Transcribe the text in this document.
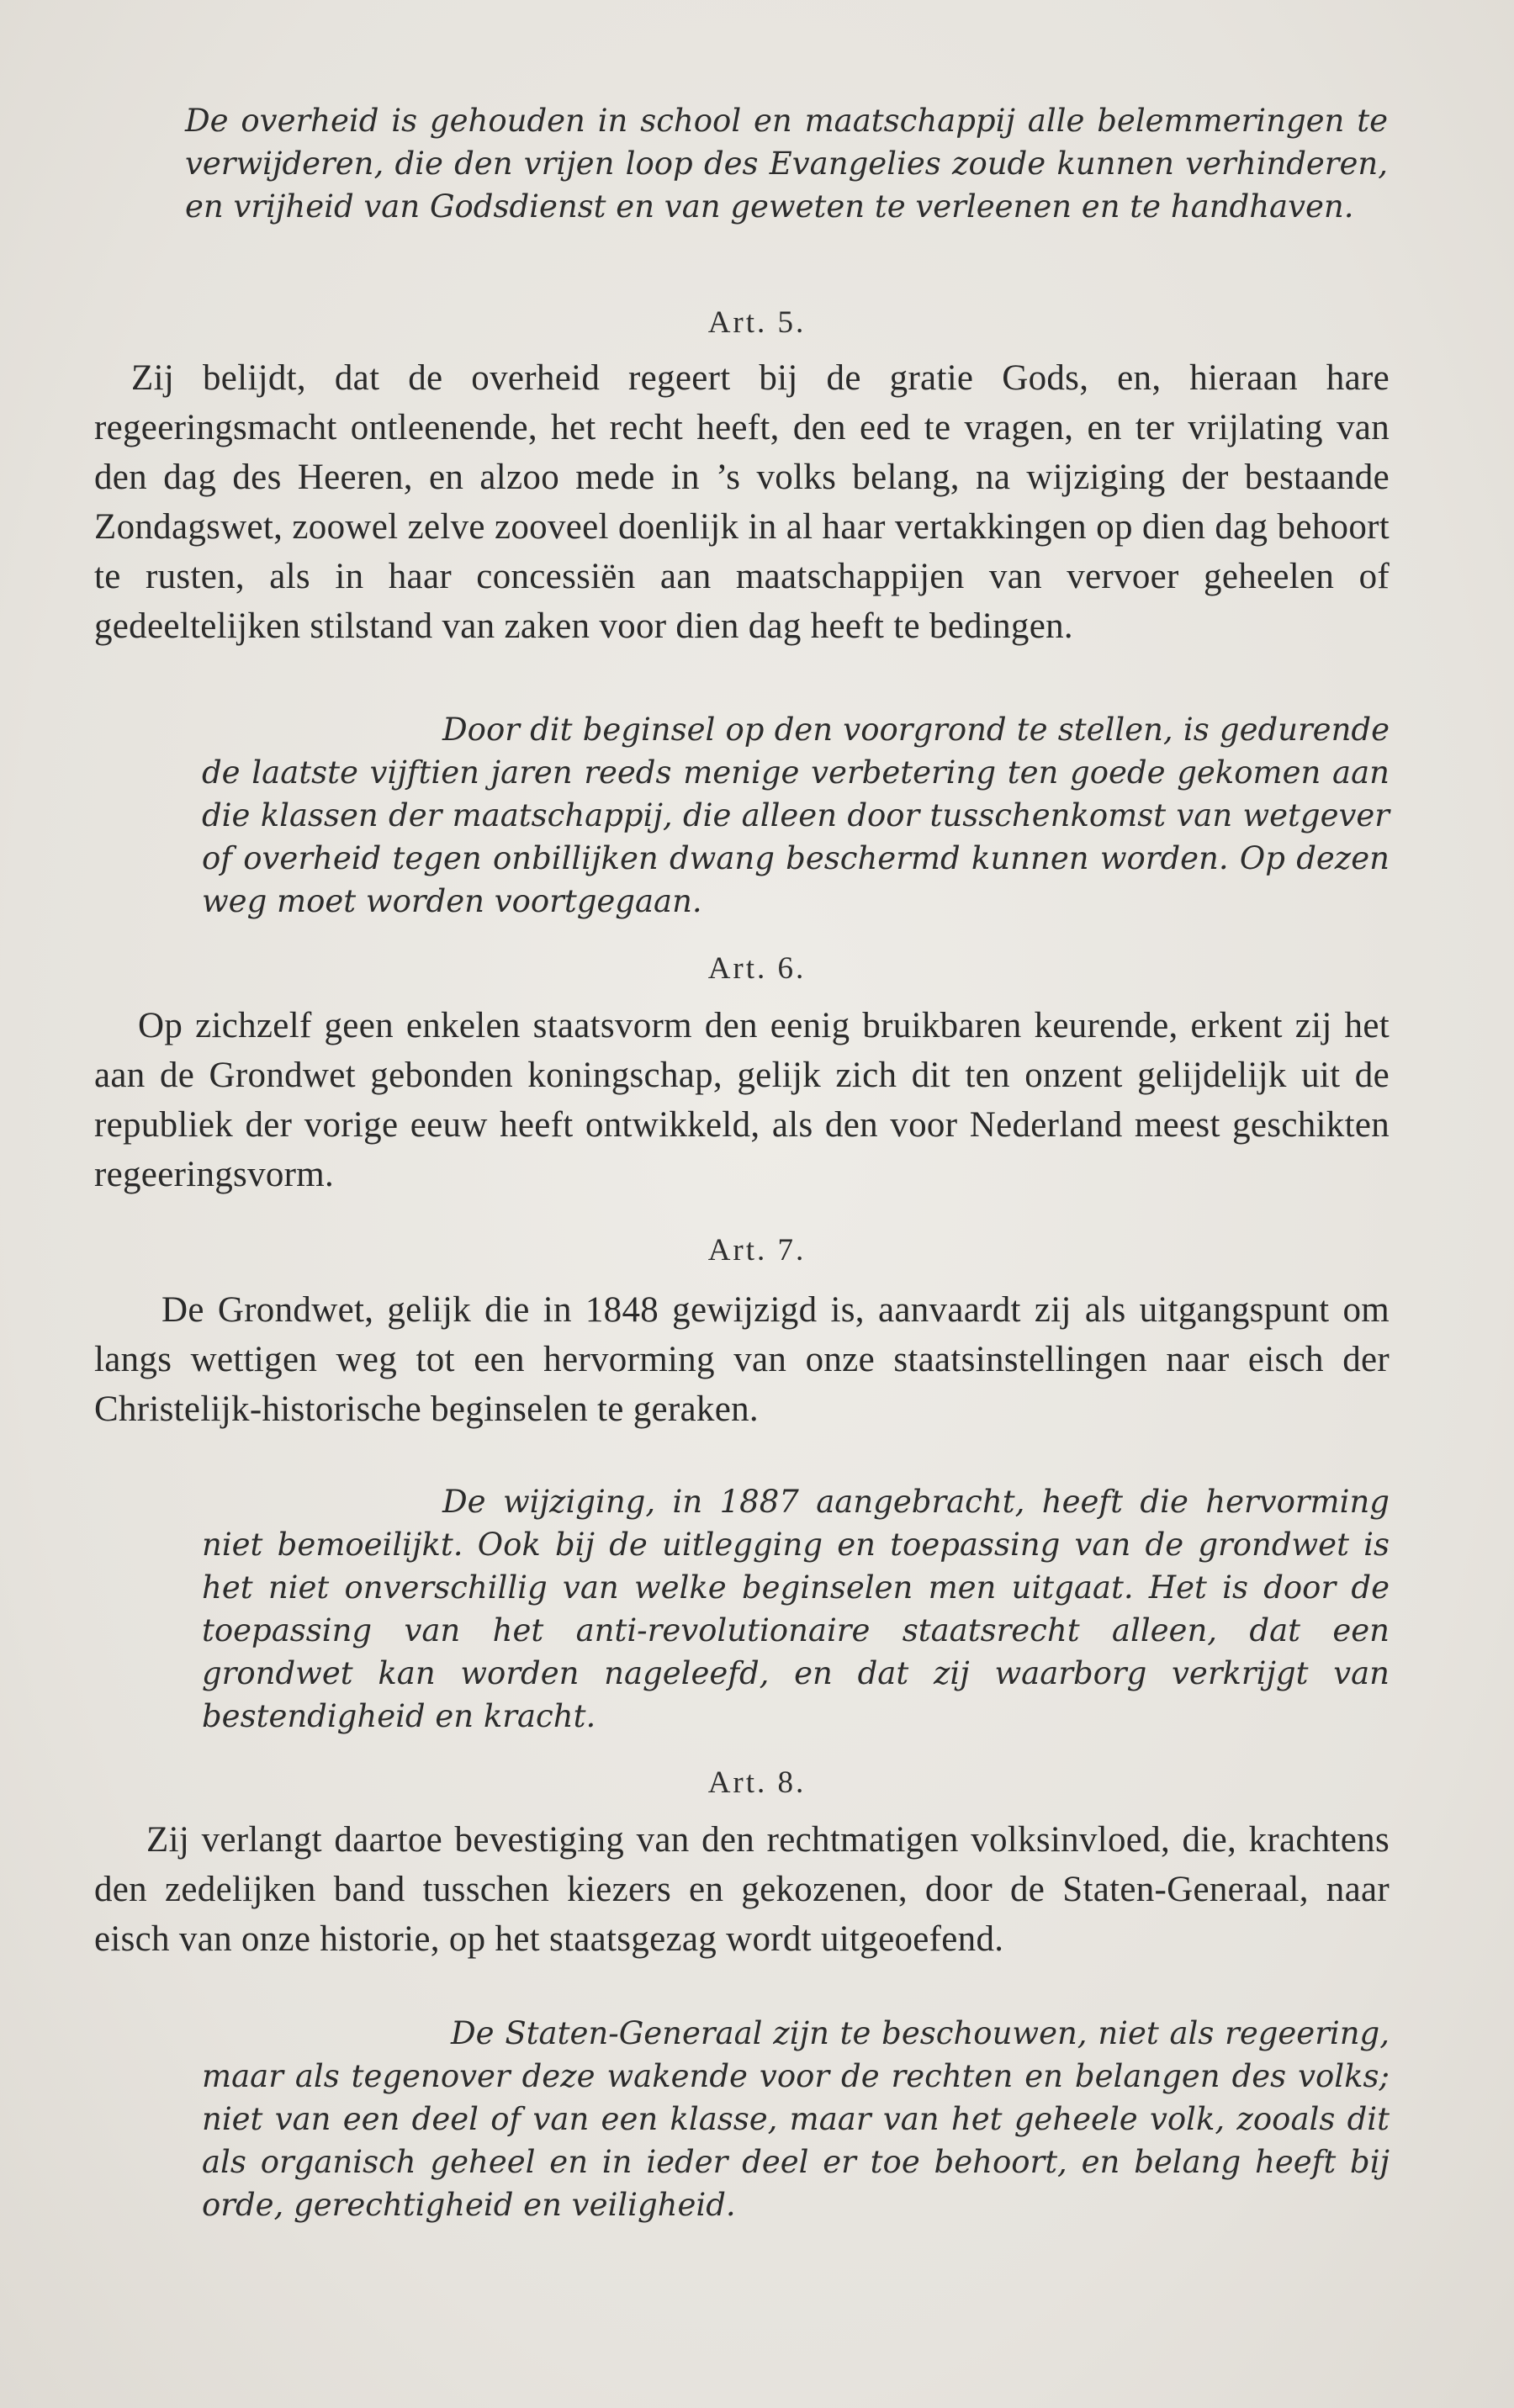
De overheid is gehouden in school en maatschappij alle belemmeringen te verwijderen, die den vrijen loop des Evangelies zoude kunnen verhinderen, en vrijheid van Godsdienst en van geweten te verleenen en te handhaven.

Art. 5.

Zij belijdt, dat de overheid regeert bij de gratie Gods, en, hieraan hare regeeringsmacht ontleenende, het recht heeft, den eed te vragen, en ter vrijlating van den dag des Heeren, en alzoo mede in ’s volks belang, na wijziging der bestaande Zondagswet, zoowel zelve zooveel doenlijk in al haar vertakkingen op dien dag behoort te rusten, als in haar concessiën aan maatschappijen van vervoer geheelen of gedeeltelijken stilstand van zaken voor dien dag heeft te bedingen.

Door dit beginsel op den voorgrond te stellen, is gedurende de laatste vijftien jaren reeds menige verbetering ten goede gekomen aan die klassen der maatschappij, die alleen door tusschenkomst van wetgever of overheid tegen onbillijken dwang beschermd kunnen worden. Op dezen weg moet worden voortgegaan.

Art. 6.

Op zichzelf geen enkelen staatsvorm den eenig bruikbaren keurende, erkent zij het aan de Grondwet gebonden koningschap, gelijk zich dit ten onzent gelijdelijk uit de republiek der vorige eeuw heeft ontwikkeld, als den voor Nederland meest geschikten regeeringsvorm.

Art. 7.

De Grondwet, gelijk die in 1848 gewijzigd is, aanvaardt zij als uitgangspunt om langs wettigen weg tot een hervorming van onze staatsinstellingen naar eisch der Christelijk-historische beginselen te geraken.

De wijziging, in 1887 aangebracht, heeft die hervorming niet bemoeilijkt. Ook bij de uitlegging en toepassing van de grondwet is het niet onverschillig van welke beginselen men uitgaat. Het is door de toepassing van het anti-revolutionaire staatsrecht alleen, dat een grondwet kan worden nageleefd, en dat zij waarborg verkrijgt van bestendigheid en kracht.

Art. 8.

Zij verlangt daartoe bevestiging van den rechtmatigen volksinvloed, die, krachtens den zedelijken band tusschen kiezers en gekozenen, door de Staten-Generaal, naar eisch van onze historie, op het staatsgezag wordt uitgeoefend.

De Staten-Generaal zijn te beschouwen, niet als regeering, maar als tegenover deze wakende voor de rechten en belangen des volks; niet van een deel of van een klasse, maar van het geheele volk, zooals dit als organisch geheel en in ieder deel er toe behoort, en belang heeft bij orde, gerechtigheid en veiligheid.
